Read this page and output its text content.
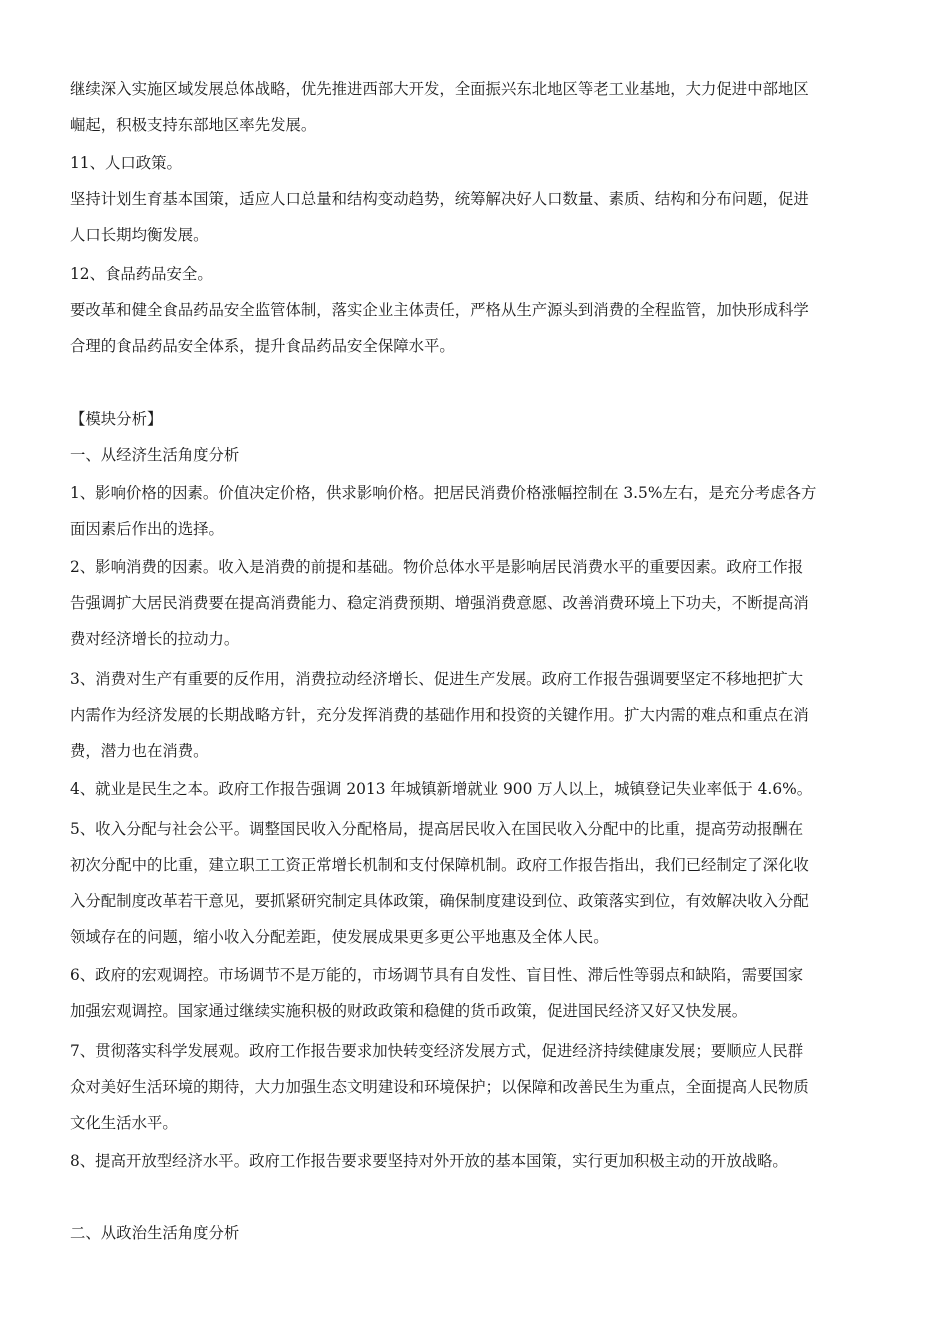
继续深入实施区域发展总体战略，优先推进西部大开发，全面振兴东北地区等老工业基地，大力促进中部地区

崛起，积极支持东部地区率先发展。

11、人口政策。

坚持计划生育基本国策，适应人口总量和结构变动趋势，统筹解决好人口数量、素质、结构和分布问题，促进

人口长期均衡发展。

12、食品药品安全。

要改革和健全食品药品安全监管体制，落实企业主体责任，严格从生产源头到消费的全程监管，加快形成科学

合理的食品药品安全体系，提升食品药品安全保障水平。

【模块分析】

一、从经济生活角度分析

1、影响价格的因素。价值决定价格，供求影响价格。把居民消费价格涨幅控制在 3.5%左右，是充分考虑各方

面因素后作出的选择。

2、影响消费的因素。收入是消费的前提和基础。物价总体水平是影响居民消费水平的重要因素。政府工作报

告强调扩大居民消费要在提高消费能力、稳定消费预期、增强消费意愿、改善消费环境上下功夫，不断提高消

费对经济增长的拉动力。

3、消费对生产有重要的反作用，消费拉动经济增长、促进生产发展。政府工作报告强调要坚定不移地把扩大

内需作为经济发展的长期战略方针，充分发挥消费的基础作用和投资的关键作用。扩大内需的难点和重点在消

费，潜力也在消费。

4、就业是民生之本。政府工作报告强调 2013 年城镇新增就业 900 万人以上，城镇登记失业率低于 4.6%。

5、收入分配与社会公平。调整国民收入分配格局，提高居民收入在国民收入分配中的比重，提高劳动报酬在

初次分配中的比重，建立职工工资正常增长机制和支付保障机制。政府工作报告指出，我们已经制定了深化收

入分配制度改革若干意见，要抓紧研究制定具体政策，确保制度建设到位、政策落实到位，有效解决收入分配

领域存在的问题，缩小收入分配差距，使发展成果更多更公平地惠及全体人民。

6、政府的宏观调控。市场调节不是万能的，市场调节具有自发性、盲目性、滞后性等弱点和缺陷，需要国家

加强宏观调控。国家通过继续实施积极的财政政策和稳健的货币政策，促进国民经济又好又快发展。

7、贯彻落实科学发展观。政府工作报告要求加快转变经济发展方式，促进经济持续健康发展；要顺应人民群

众对美好生活环境的期待，大力加强生态文明建设和环境保护；以保障和改善民生为重点，全面提高人民物质

文化生活水平。

8、提高开放型经济水平。政府工作报告要求要坚持对外开放的基本国策，实行更加积极主动的开放战略。

二、从政治生活角度分析
